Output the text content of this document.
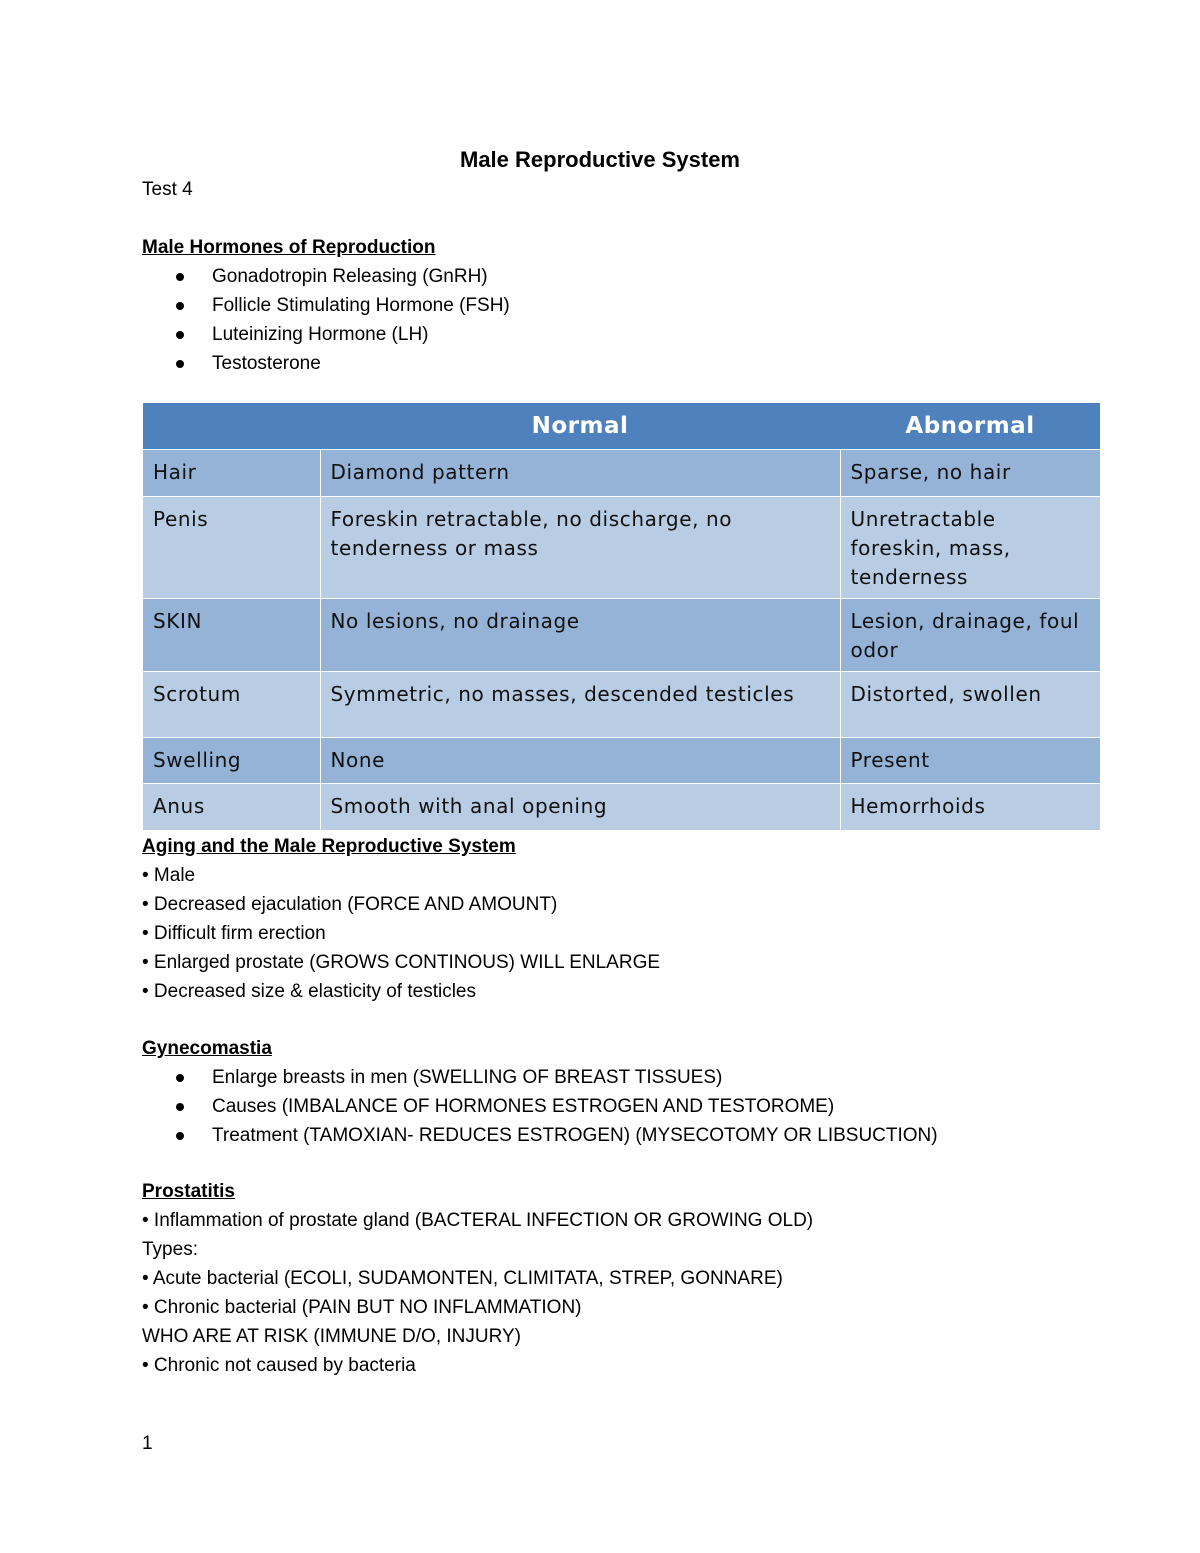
Male Reproductive System
Test 4
Male Hormones of Reproduction
Gonadotropin Releasing (GnRH)
Follicle Stimulating Hormone (FSH)
Luteinizing Hormone (LH)
Testosterone
	Normal	Abnormal
Hair	Diamond pattern	Sparse, no hair
Penis	Foreskin retractable, no discharge, no tenderness or mass	Unretractable foreskin, mass, tenderness
SKIN	No lesions, no drainage	Lesion, drainage, foul odor
Scrotum	Symmetric, no masses, descended testicles	Distorted, swollen
Swelling	None	Present
Anus	Smooth with anal opening	Hemorrhoids
Aging and the Male Reproductive System
• Male
• Decreased ejaculation (FORCE AND AMOUNT)
• Difficult firm erection
• Enlarged prostate (GROWS CONTINOUS) WILL ENLARGE
• Decreased size & elasticity of testicles
Gynecomastia
Enlarge breasts in men (SWELLING OF BREAST TISSUES)
Causes (IMBALANCE OF HORMONES ESTROGEN AND TESTOROME)
Treatment (TAMOXIAN- REDUCES ESTROGEN) (MYSECOTOMY OR LIBSUCTION)
Prostatitis
• Inflammation of prostate gland (BACTERAL INFECTION OR GROWING OLD)
Types:
• Acute bacterial (ECOLI, SUDAMONTEN, CLIMITATA, STREP, GONNARE)
• Chronic bacterial (PAIN BUT NO INFLAMMATION)
WHO ARE AT RISK (IMMUNE D/O, INJURY)
• Chronic not caused by bacteria
1
